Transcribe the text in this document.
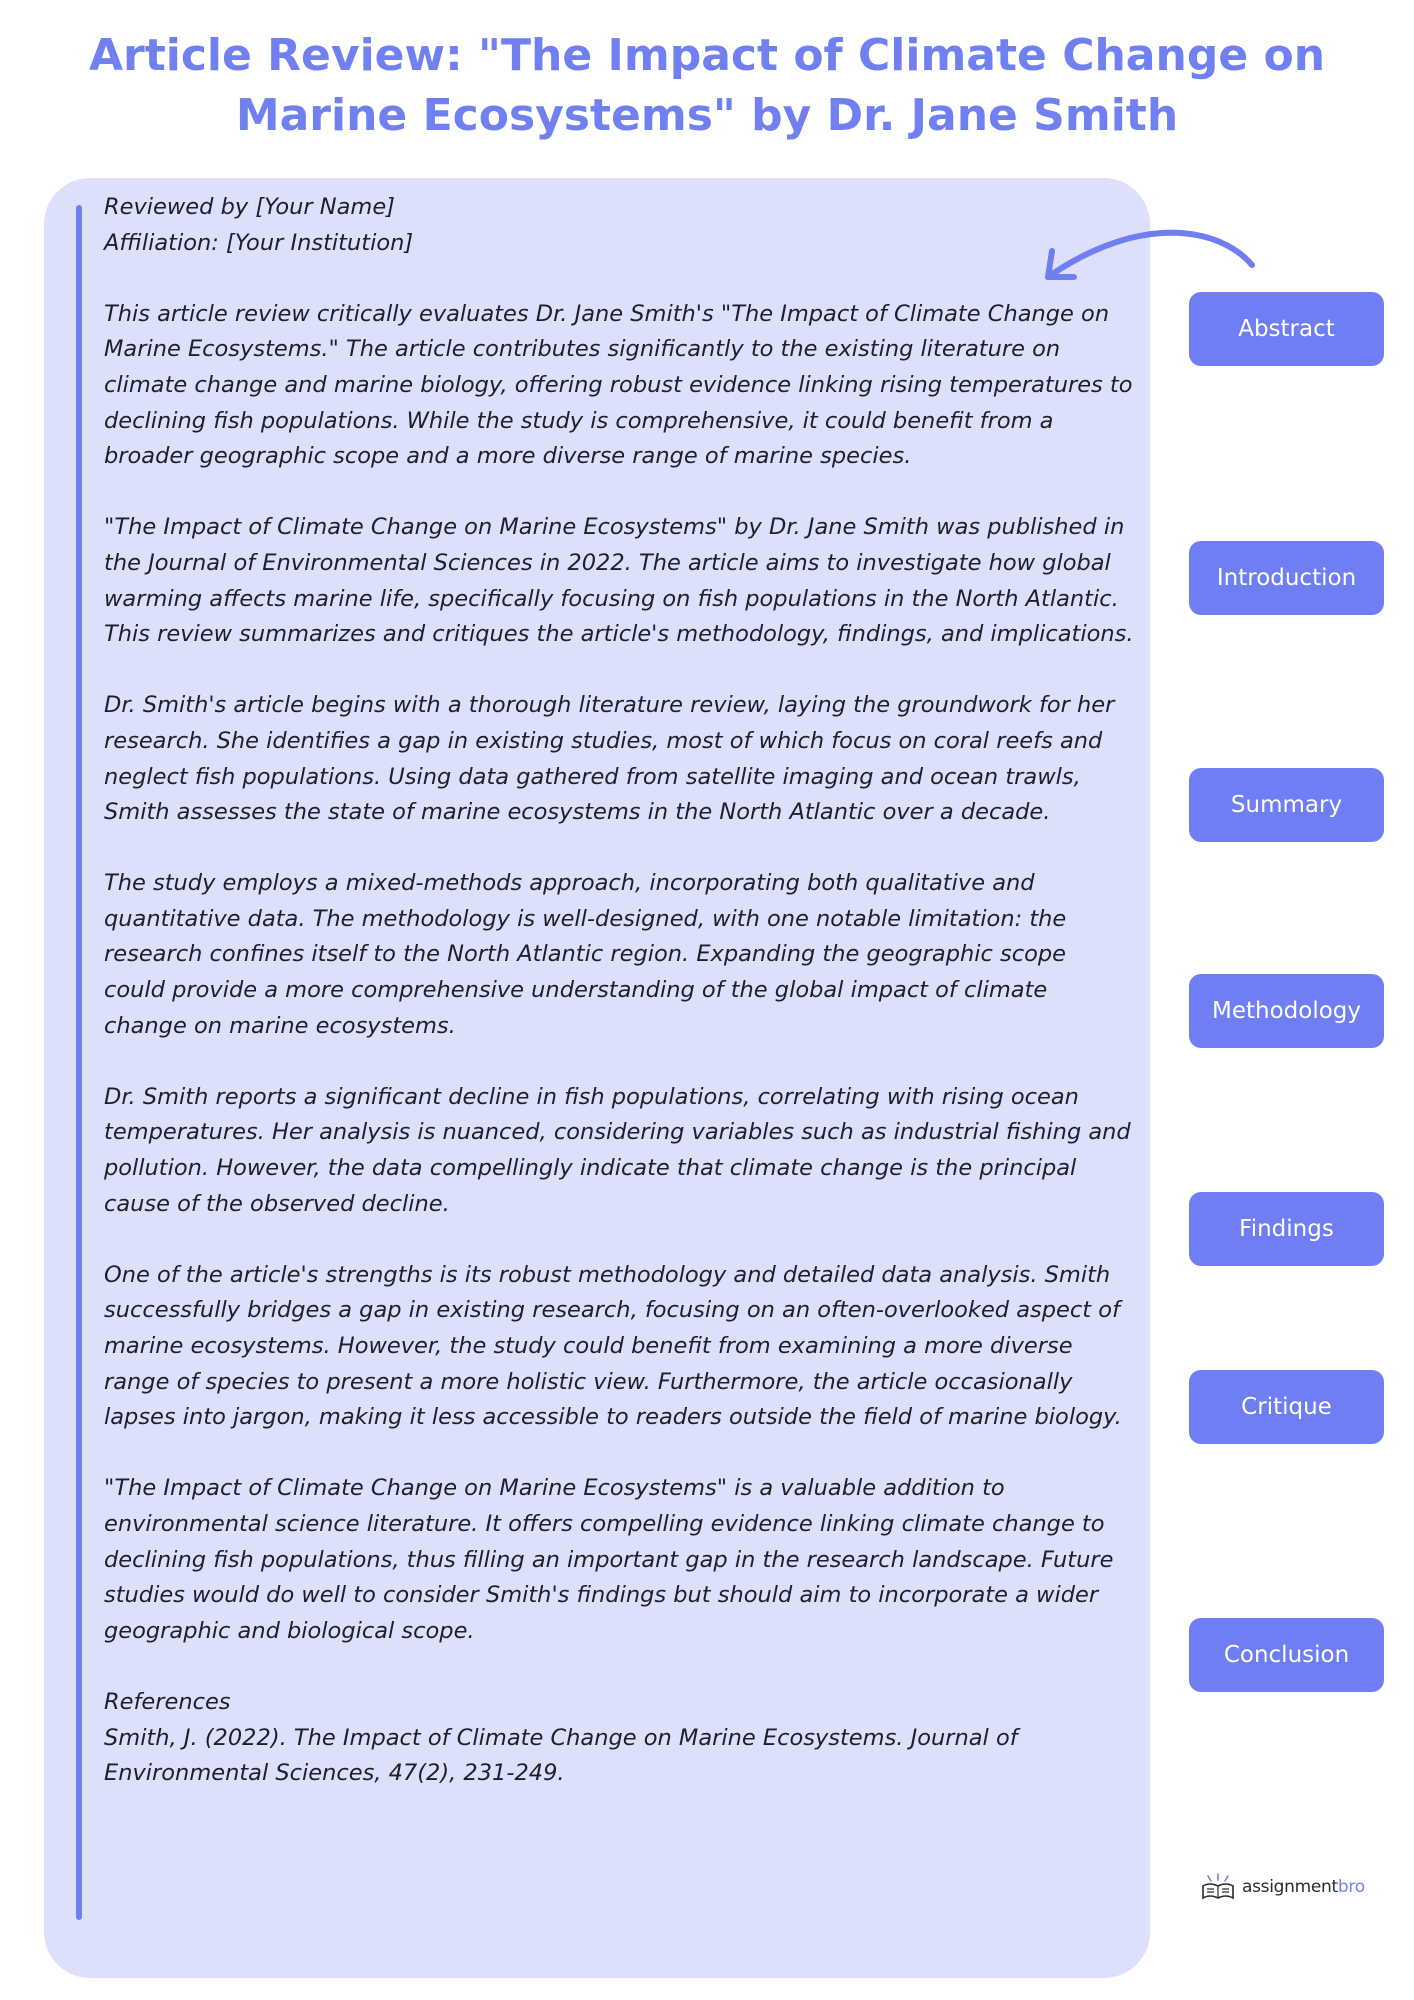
Article Review: "The Impact of Climate Change on Marine Ecosystems" by Dr. Jane Smith

Reviewed by [Your Name]

Affiliation: [Your Institution]

This article review critically evaluates Dr. Jane Smith's "The Impact of Climate Change on Marine Ecosystems." The article contributes significantly to the existing literature on climate change and marine biology, offering robust evidence linking rising temperatures to declining fish populations. While the study is comprehensive, it could benefit from a broader geographic scope and a more diverse range of marine species.

"The Impact of Climate Change on Marine Ecosystems" by Dr. Jane Smith was published in the Journal of Environmental Sciences in 2022. The article aims to investigate how global warming affects marine life, specifically focusing on fish populations in the North Atlantic. This review summarizes and critiques the article's methodology, findings, and implications.

Dr. Smith's article begins with a thorough literature review, laying the groundwork for her research. She identifies a gap in existing studies, most of which focus on coral reefs and neglect fish populations. Using data gathered from satellite imaging and ocean trawls, Smith assesses the state of marine ecosystems in the North Atlantic over a decade.

The study employs a mixed-methods approach, incorporating both qualitative and quantitative data. The methodology is well-designed, with one notable limitation: the research confines itself to the North Atlantic region. Expanding the geographic scope could provide a more comprehensive understanding of the global impact of climate change on marine ecosystems.

Dr. Smith reports a significant decline in fish populations, correlating with rising ocean temperatures. Her analysis is nuanced, considering variables such as industrial fishing and pollution. However, the data compellingly indicate that climate change is the principal cause of the observed decline.

One of the article's strengths is its robust methodology and detailed data analysis. Smith successfully bridges a gap in existing research, focusing on an often-overlooked aspect of marine ecosystems. However, the study could benefit from examining a more diverse range of species to present a more holistic view. Furthermore, the article occasionally lapses into jargon, making it less accessible to readers outside the field of marine biology.

"The Impact of Climate Change on Marine Ecosystems" is a valuable addition to environmental science literature. It offers compelling evidence linking climate change to declining fish populations, thus filling an important gap in the research landscape. Future studies would do well to consider Smith's findings but should aim to incorporate a wider geographic and biological scope.

References

Smith, J. (2022). The Impact of Climate Change on Marine Ecosystems. Journal of Environmental Sciences, 47(2), 231-249.

Abstract
Introduction
Summary
Methodology
Findings
Critique
Conclusion
assignmentbro
